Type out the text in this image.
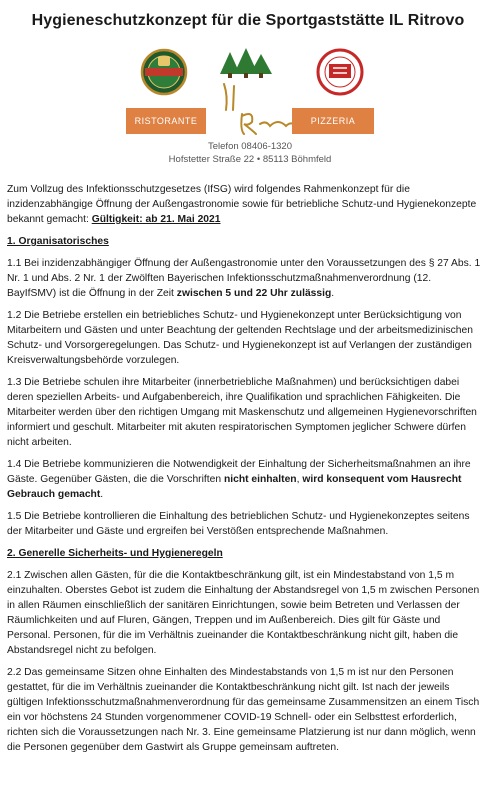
Hygieneschutzkonzept für die Sportgaststätte IL Ritrovo
RISTORANTE	PIZZERIA
Telefon 08406-1320
Hofstetter Straße 22 • 85113 Böhmfeld

Zum Vollzug des Infektionsschutzgesetzes (IfSG) wird folgendes Rahmenkonzept für die inzidenzabhängige Öffnung der Außengastronomie sowie für betriebliche Schutz-und Hygienekonzepte bekannt gemacht: Gültigkeit: ab 21. Mai 2021

1. Organisatorisches

1.1 Bei inzidenzabhängiger Öffnung der Außengastronomie unter den Voraussetzungen des § 27 Abs. 1 Nr. 1 und Abs. 2 Nr. 1 der Zwölften Bayerischen Infektionsschutzmaßnahmenverordnung (12. BayIfSMV) ist die Öffnung in der Zeit zwischen 5 und 22 Uhr zulässig.

1.2 Die Betriebe erstellen ein betriebliches Schutz- und Hygienekonzept unter Berücksichtigung von Mitarbeitern und Gästen und unter Beachtung der geltenden Rechtslage und der arbeitsmedizinischen Schutz- und Vorsorgeregelungen. Das Schutz- und Hygienekonzept ist auf Verlangen der zuständigen Kreisverwaltungsbehörde vorzulegen.

1.3 Die Betriebe schulen ihre Mitarbeiter (innerbetriebliche Maßnahmen) und berücksichtigen dabei deren speziellen Arbeits- und Aufgabenbereich, ihre Qualifikation und sprachlichen Fähigkeiten. Die Mitarbeiter werden über den richtigen Umgang mit Maskenschutz und allgemeinen Hygienevorschriften informiert und geschult. Mitarbeiter mit akuten respiratorischen Symptomen jeglicher Schwere dürfen nicht arbeiten.

1.4 Die Betriebe kommunizieren die Notwendigkeit der Einhaltung der Sicherheitsmaßnahmen an ihre Gäste. Gegenüber Gästen, die die Vorschriften nicht einhalten, wird konsequent vom Hausrecht Gebrauch gemacht.

1.5 Die Betriebe kontrollieren die Einhaltung des betrieblichen Schutz- und Hygienekonzeptes seitens der Mitarbeiter und Gäste und ergreifen bei Verstößen entsprechende Maßnahmen.

2. Generelle Sicherheits- und Hygieneregeln

2.1 Zwischen allen Gästen, für die die Kontaktbeschränkung gilt, ist ein Mindestabstand von 1,5 m einzuhalten. Oberstes Gebot ist zudem die Einhaltung der Abstandsregel von 1,5 m zwischen Personen in allen Räumen einschließlich der sanitären Einrichtungen, sowie beim Betreten und Verlassen der Räumlichkeiten und auf Fluren, Gängen, Treppen und im Außenbereich. Dies gilt für Gäste und Personal. Personen, für die im Verhältnis zueinander die Kontaktbeschränkung nicht gilt, haben die Abstandsregel nicht zu befolgen.

2.2 Das gemeinsame Sitzen ohne Einhalten des Mindestabstands von 1,5 m ist nur den Personen gestattet, für die im Verhältnis zueinander die Kontaktbeschränkung nicht gilt. Ist nach der jeweils gültigen Infektionsschutzmaßnahmenverordnung für das gemeinsame Zusammensitzen an einem Tisch ein vor höchstens 24 Stunden vorgenommener COVID-19 Schnell- oder ein Selbsttest erforderlich, richten sich die Voraussetzungen nach Nr. 3. Eine gemeinsame Platzierung ist nur dann möglich, wenn die Personen gegenüber dem Gastwirt als Gruppe gemeinsam auftreten.
